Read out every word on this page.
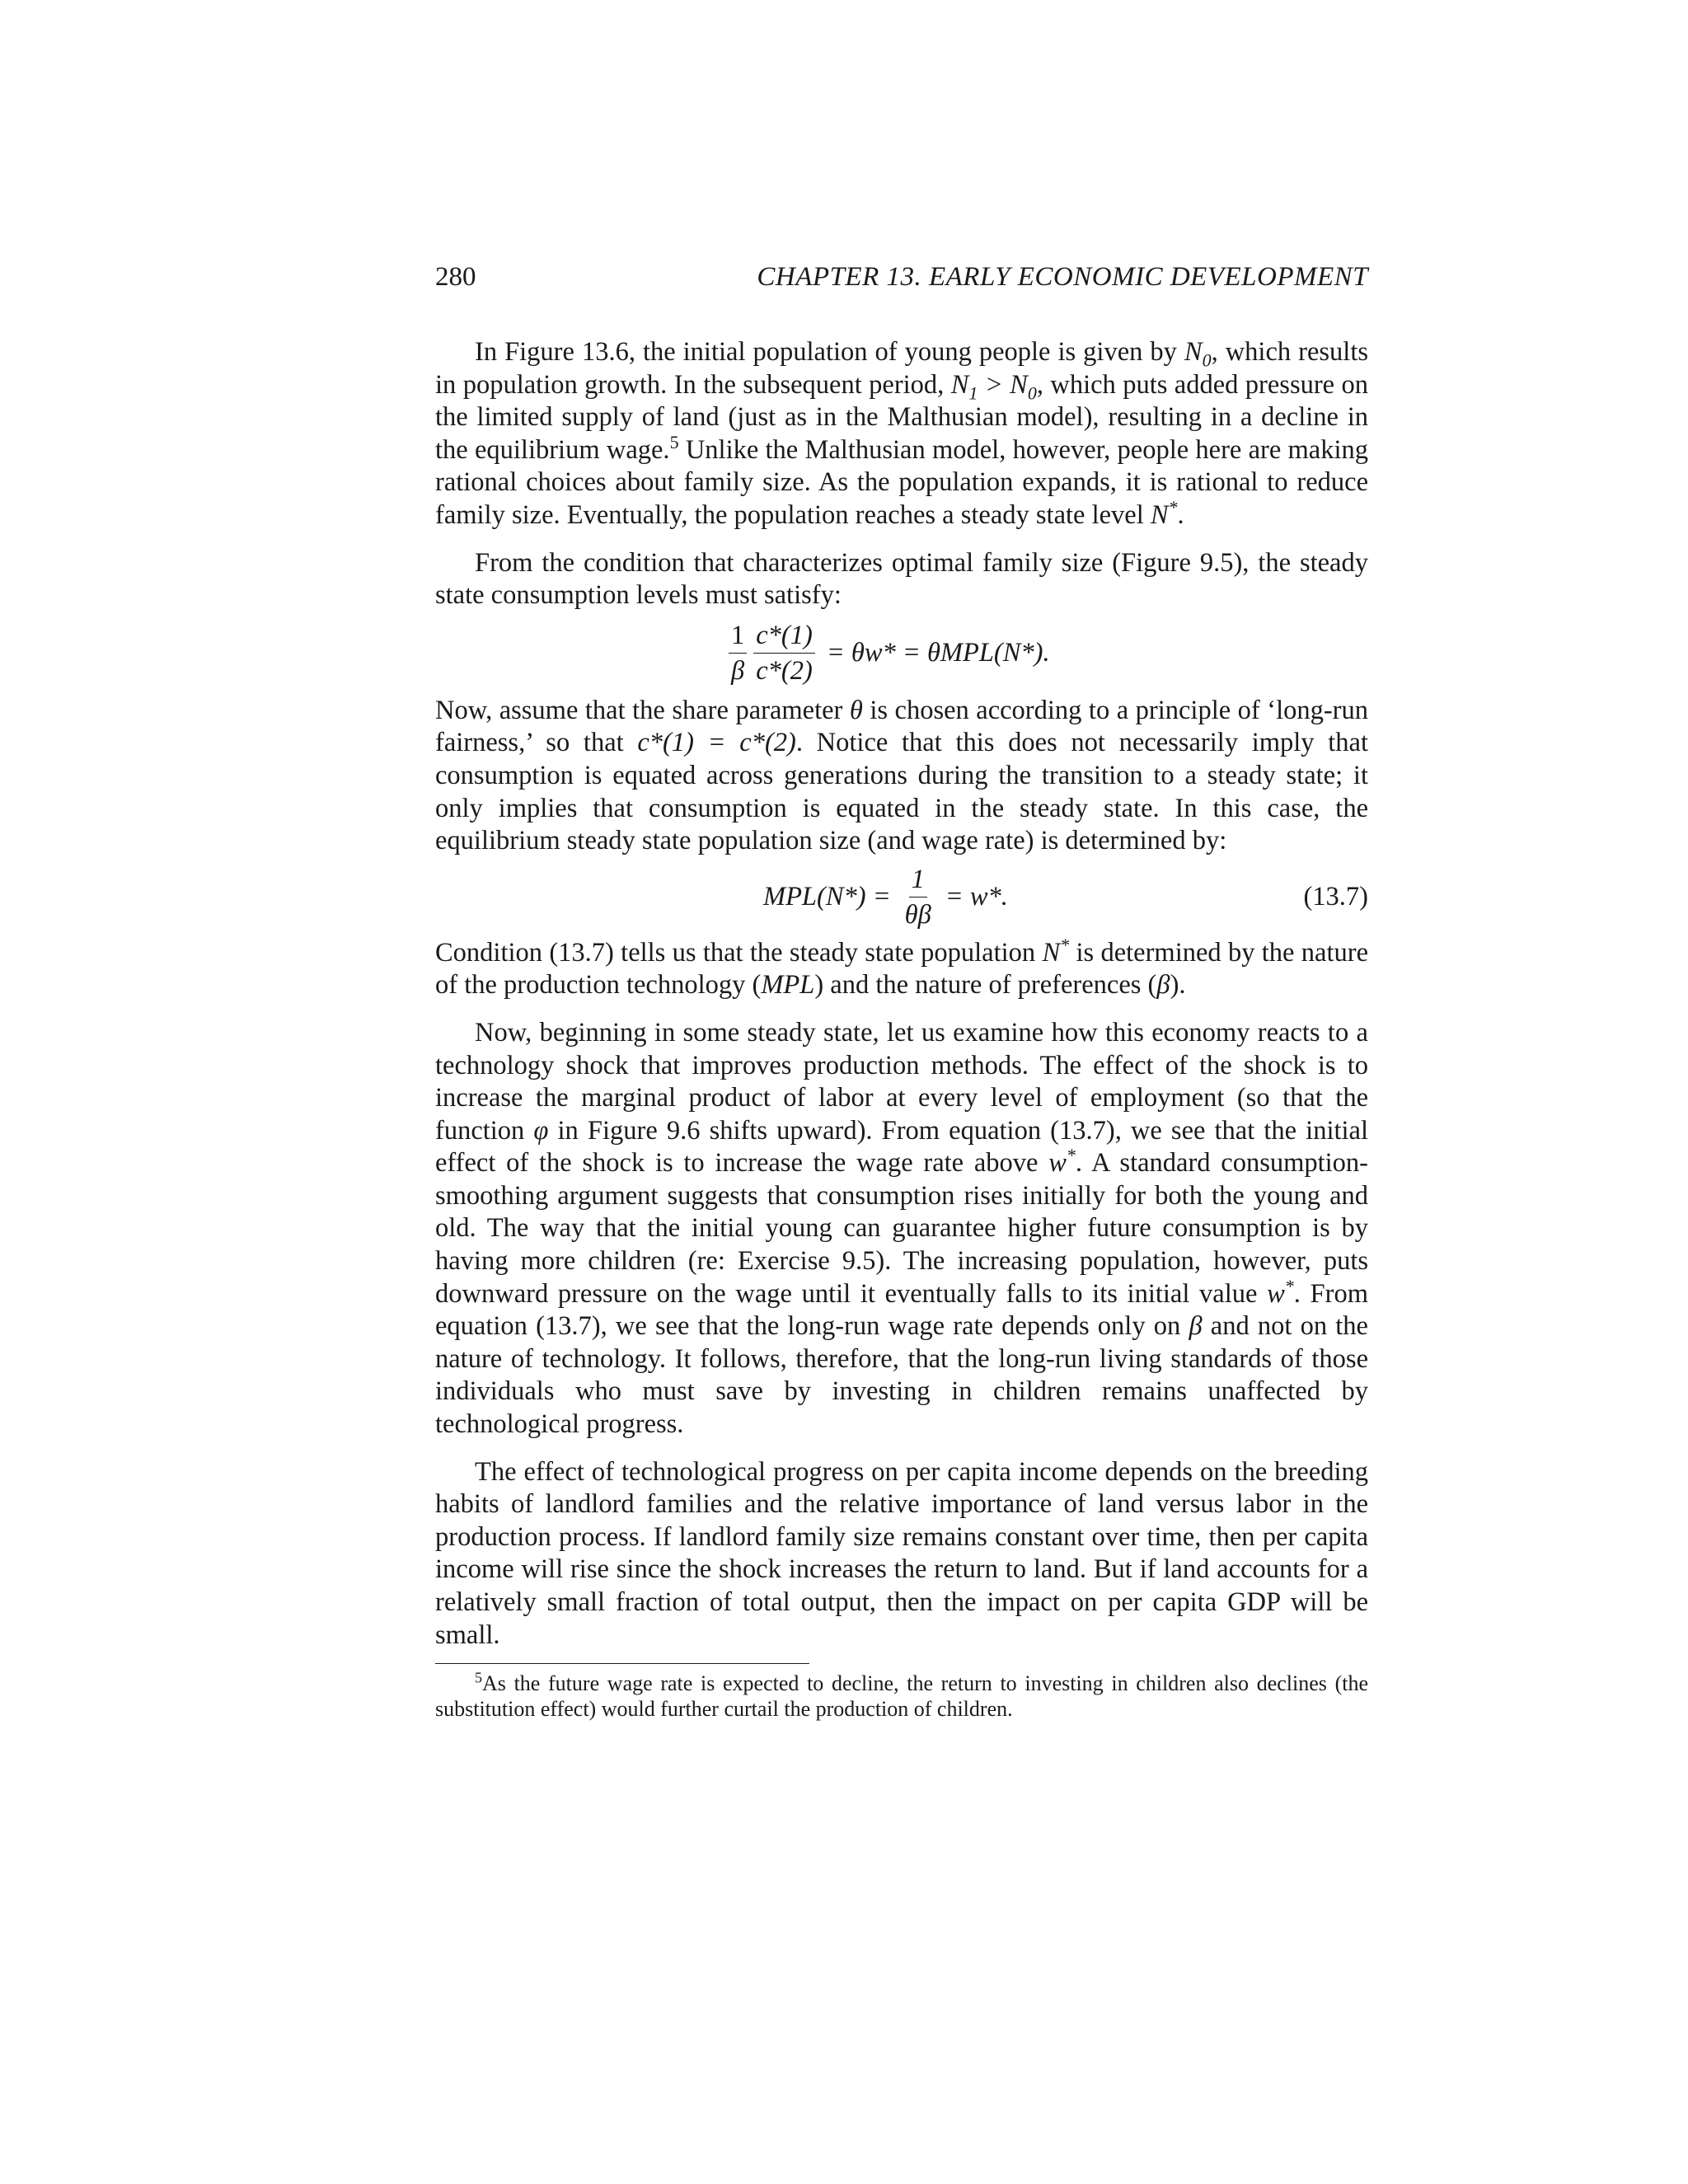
280	CHAPTER 13. EARLY ECONOMIC DEVELOPMENT

In Figure 13.6, the initial population of young people is given by $N_0$, which results in population growth. In the subsequent period, $N_1 > N_0$, which puts added pressure on the limited supply of land (just as in the Malthusian model), resulting in a decline in the equilibrium wage.$^5$ Unlike the Malthusian model, however, people here are making rational choices about family size. As the population expands, it is rational to reduce family size. Eventually, the population reaches a steady state level N*.

From the condition that characterizes optimal family size (Figure 9.5), the steady state consumption levels must satisfy:

$\frac{1}{\beta} \frac{c*(1)}{c*(2)} = \theta w* = \theta MPL(N*)$.

Now, assume that the share parameter θ is chosen according to a principle of ‘long-run fairness,’ so that c*(1) = c*(2). Notice that this does not necessarily imply that consumption is equated across generations during the transition to a steady state; it only implies that consumption is equated in the steady state. In this case, the equilibrium steady state population size (and wage rate) is determined by:

$MPL(N*) = \frac{1}{\theta\beta} = w*$.	(13.7)

Condition (13.7) tells us that the steady state population N* is determined by the nature of the production technology (MPL) and the nature of preferences (β).

Now, beginning in some steady state, let us examine how this economy reacts to a technology shock that improves production methods. The effect of the shock is to increase the marginal product of labor at every level of employment (so that the function φ in Figure 9.6 shifts upward). From equation (13.7), we see that the initial effect of the shock is to increase the wage rate above w*. A standard consumption-smoothing argument suggests that consumption rises initially for both the young and old. The way that the initial young can guarantee higher future consumption is by having more children (re: Exercise 9.5). The increasing population, however, puts downward pressure on the wage until it eventually falls to its initial value w*. From equation (13.7), we see that the long-run wage rate depends only on β and not on the nature of technology. It follows, therefore, that the long-run living standards of those individuals who must save by investing in children remains unaffected by technological progress.

The effect of technological progress on per capita income depends on the breeding habits of landlord families and the relative importance of land versus labor in the production process. If landlord family size remains constant over time, then per capita income will rise since the shock increases the return to land. But if land accounts for a relatively small fraction of total output, then the impact on per capita GDP will be small.

$^5$As the future wage rate is expected to decline, the return to investing in children also declines (the substitution effect) would further curtail the production of children.
